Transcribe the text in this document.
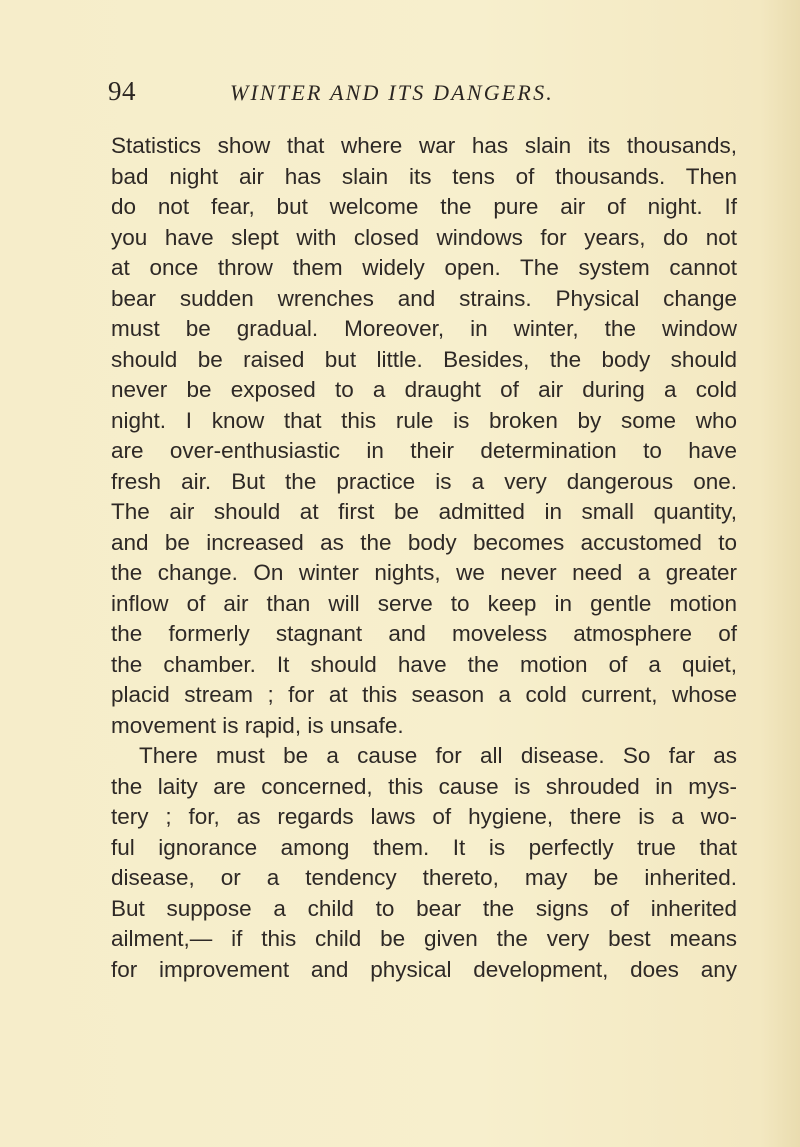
94	WINTER AND ITS DANGERS.
Statistics show that where war has slain its thousands,
bad night air has slain its tens of thousands. Then
do not fear, but welcome the pure air of night. If
you have slept with closed windows for years, do not
at once throw them widely open. The system cannot
bear sudden wrenches and strains. Physical change
must be gradual. Moreover, in winter, the window
should be raised but little. Besides, the body should
never be exposed to a draught of air during a cold
night. I know that this rule is broken by some who
are over-enthusiastic in their determination to have
fresh air. But the practice is a very dangerous one.
The air should at first be admitted in small quantity,
and be increased as the body becomes accustomed to
the change. On winter nights, we never need a greater
inflow of air than will serve to keep in gentle motion
the formerly stagnant and moveless atmosphere of
the chamber. It should have the motion of a quiet,
placid stream ; for at this season a cold current, whose
movement is rapid, is unsafe.
There must be a cause for all disease. So far as
the laity are concerned, this cause is shrouded in mys-
tery ; for, as regards laws of hygiene, there is a wo-
ful ignorance among them. It is perfectly true that
disease, or a tendency thereto, may be inherited.
But suppose a child to bear the signs of inherited
ailment,— if this child be given the very best means
for improvement and physical development, does any
